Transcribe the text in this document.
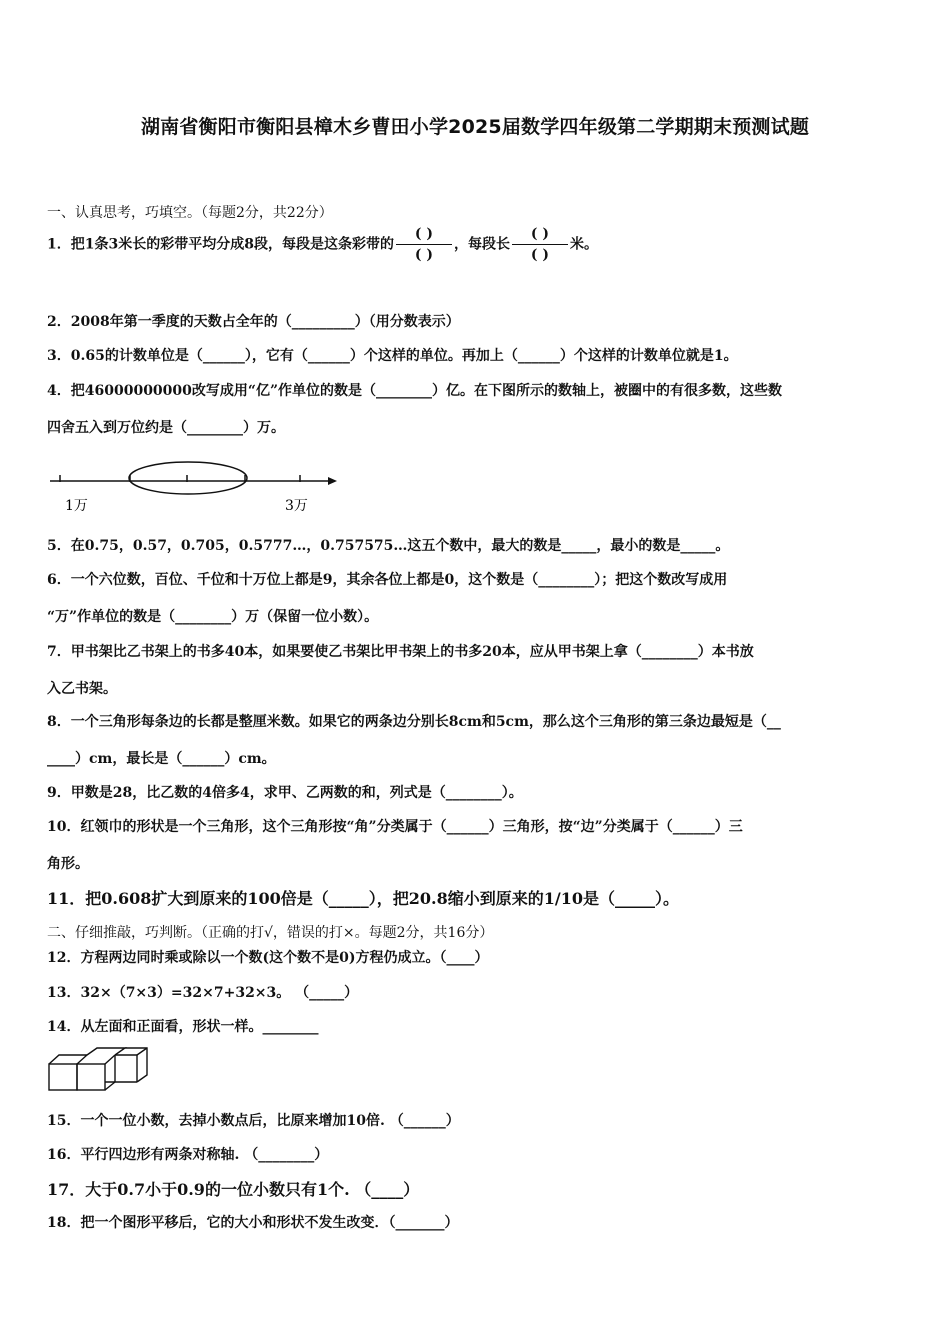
湖南省衡阳市衡阳县樟木乡曹田小学2025届数学四年级第二学期期末预测试题
一、认真思考，巧填空。（每题2分，共22分）
1．把1条3米长的彩带平均分成8段，每段是这条彩带的 $\frac{( )}{( )}$ ，每段长 $\frac{( )}{( )}$ 米。
2．2008年第一季度的天数占全年的（_________）（用分数表示）
3．0.65的计数单位是（______），它有（______）个这样的单位。再加上（______）个这样的计数单位就是1。
4．把46000000000改写成用“亿”作单位的数是（________）亿。在下图所示的数轴上，被圈中的有很多数，这些数
四舍五入到万位约是（________）万。
1万	3万
5．在0.75，0.57，0.705，0.5777…，0.757575…这五个数中，最大的数是_____，最小的数是_____。
6．一个六位数，百位、千位和十万位上都是9，其余各位上都是0，这个数是（________）；把这个数改写成用
“万”作单位的数是（________）万（保留一位小数）。
7．甲书架比乙书架上的书多40本，如果要使乙书架比甲书架上的书多20本，应从甲书架上拿（________）本书放
入乙书架。
8．一个三角形每条边的长都是整厘米数。如果它的两条边分别长8cm和5cm，那么这个三角形的第三条边最短是（__
____）cm，最长是（______）cm。
9．甲数是28，比乙数的4倍多4，求甲、乙两数的和，列式是（________）。
10．红领巾的形状是一个三角形，这个三角形按“角”分类属于（______）三角形，按“边”分类属于（______）三
角形。
11．把0.608扩大到原来的100倍是（_____），把20.8缩小到原来的1/10是（_____）。
二、仔细推敲，巧判断。（正确的打√，错误的打×。每题2分，共16分）
12．方程两边同时乘或除以一个数(这个数不是0)方程仍成立。（____）
13．32×（7×3）=32×7+32×3。 （_____）
14．从左面和正面看，形状一样。________
15．一个一位小数，去掉小数点后，比原来增加10倍. （______）
16．平行四边形有两条对称轴. （________）
17．大于0.7小于0.9的一位小数只有1个. （____）
18．把一个图形平移后，它的大小和形状不发生改变．（_______）
